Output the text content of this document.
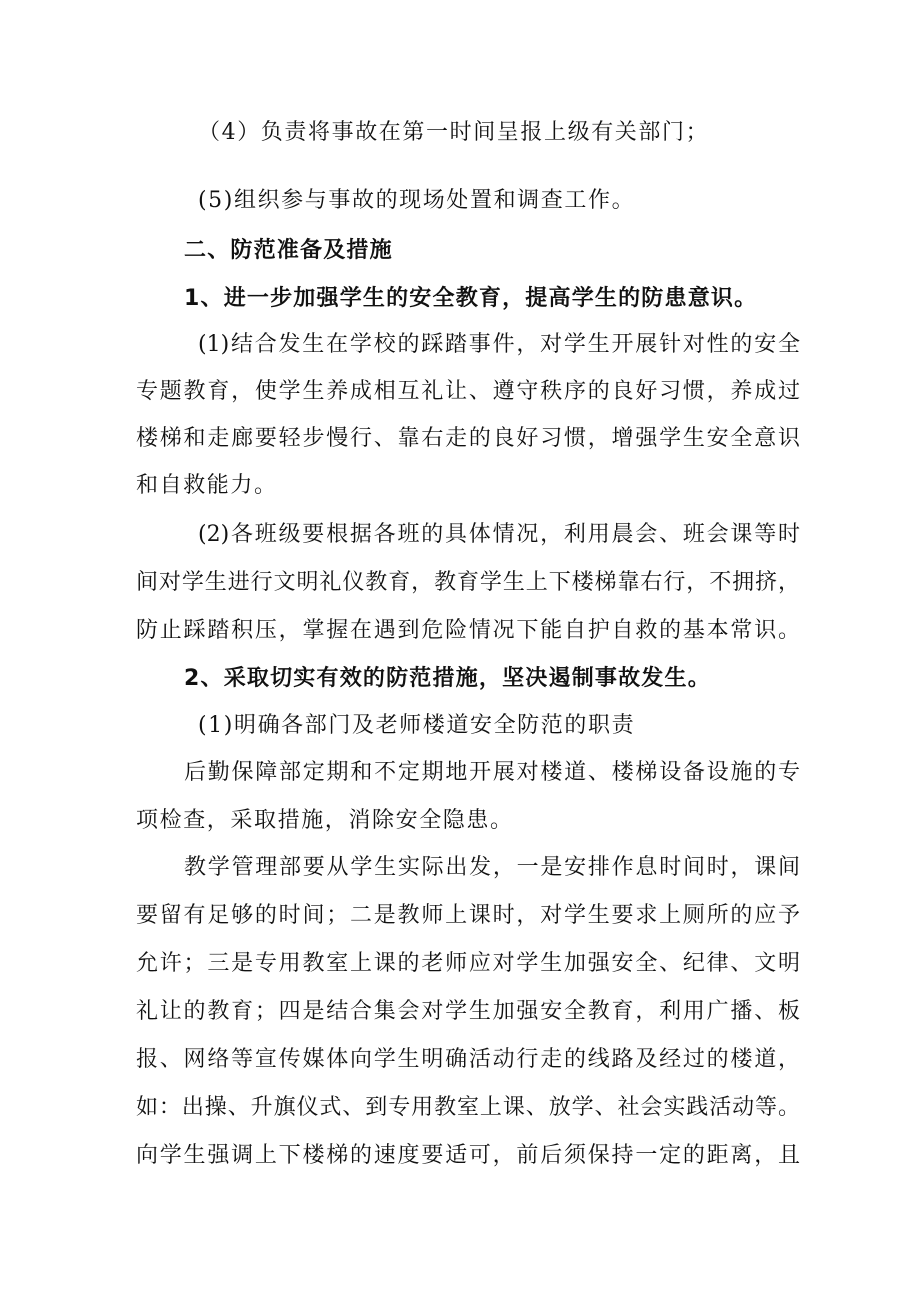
（4）负责将事故在第一时间呈报上级有关部门；
(5)组织参与事故的现场处置和调查工作。
二、防范准备及措施
1、进一步加强学生的安全教育，提高学生的防患意识。
(1)结合发生在学校的踩踏事件，对学生开展针对性的安全
专题教育，使学生养成相互礼让、遵守秩序的良好习惯，养成过
楼梯和走廊要轻步慢行、靠右走的良好习惯，增强学生安全意识
和自救能力。
(2)各班级要根据各班的具体情况，利用晨会、班会课等时
间对学生进行文明礼仪教育，教育学生上下楼梯靠右行，不拥挤，
防止踩踏积压，掌握在遇到危险情况下能自护自救的基本常识。
2、采取切实有效的防范措施，坚决遏制事故发生。
(1)明确各部门及老师楼道安全防范的职责
后勤保障部定期和不定期地开展对楼道、楼梯设备设施的专
项检查，采取措施，消除安全隐患。
教学管理部要从学生实际出发，一是安排作息时间时，课间
要留有足够的时间；二是教师上课时，对学生要求上厕所的应予
允许；三是专用教室上课的老师应对学生加强安全、纪律、文明
礼让的教育；四是结合集会对学生加强安全教育，利用广播、板
报、网络等宣传媒体向学生明确活动行走的线路及经过的楼道，
如：出操、升旗仪式、到专用教室上课、放学、社会实践活动等。
向学生强调上下楼梯的速度要适可，前后须保持一定的距离，且
